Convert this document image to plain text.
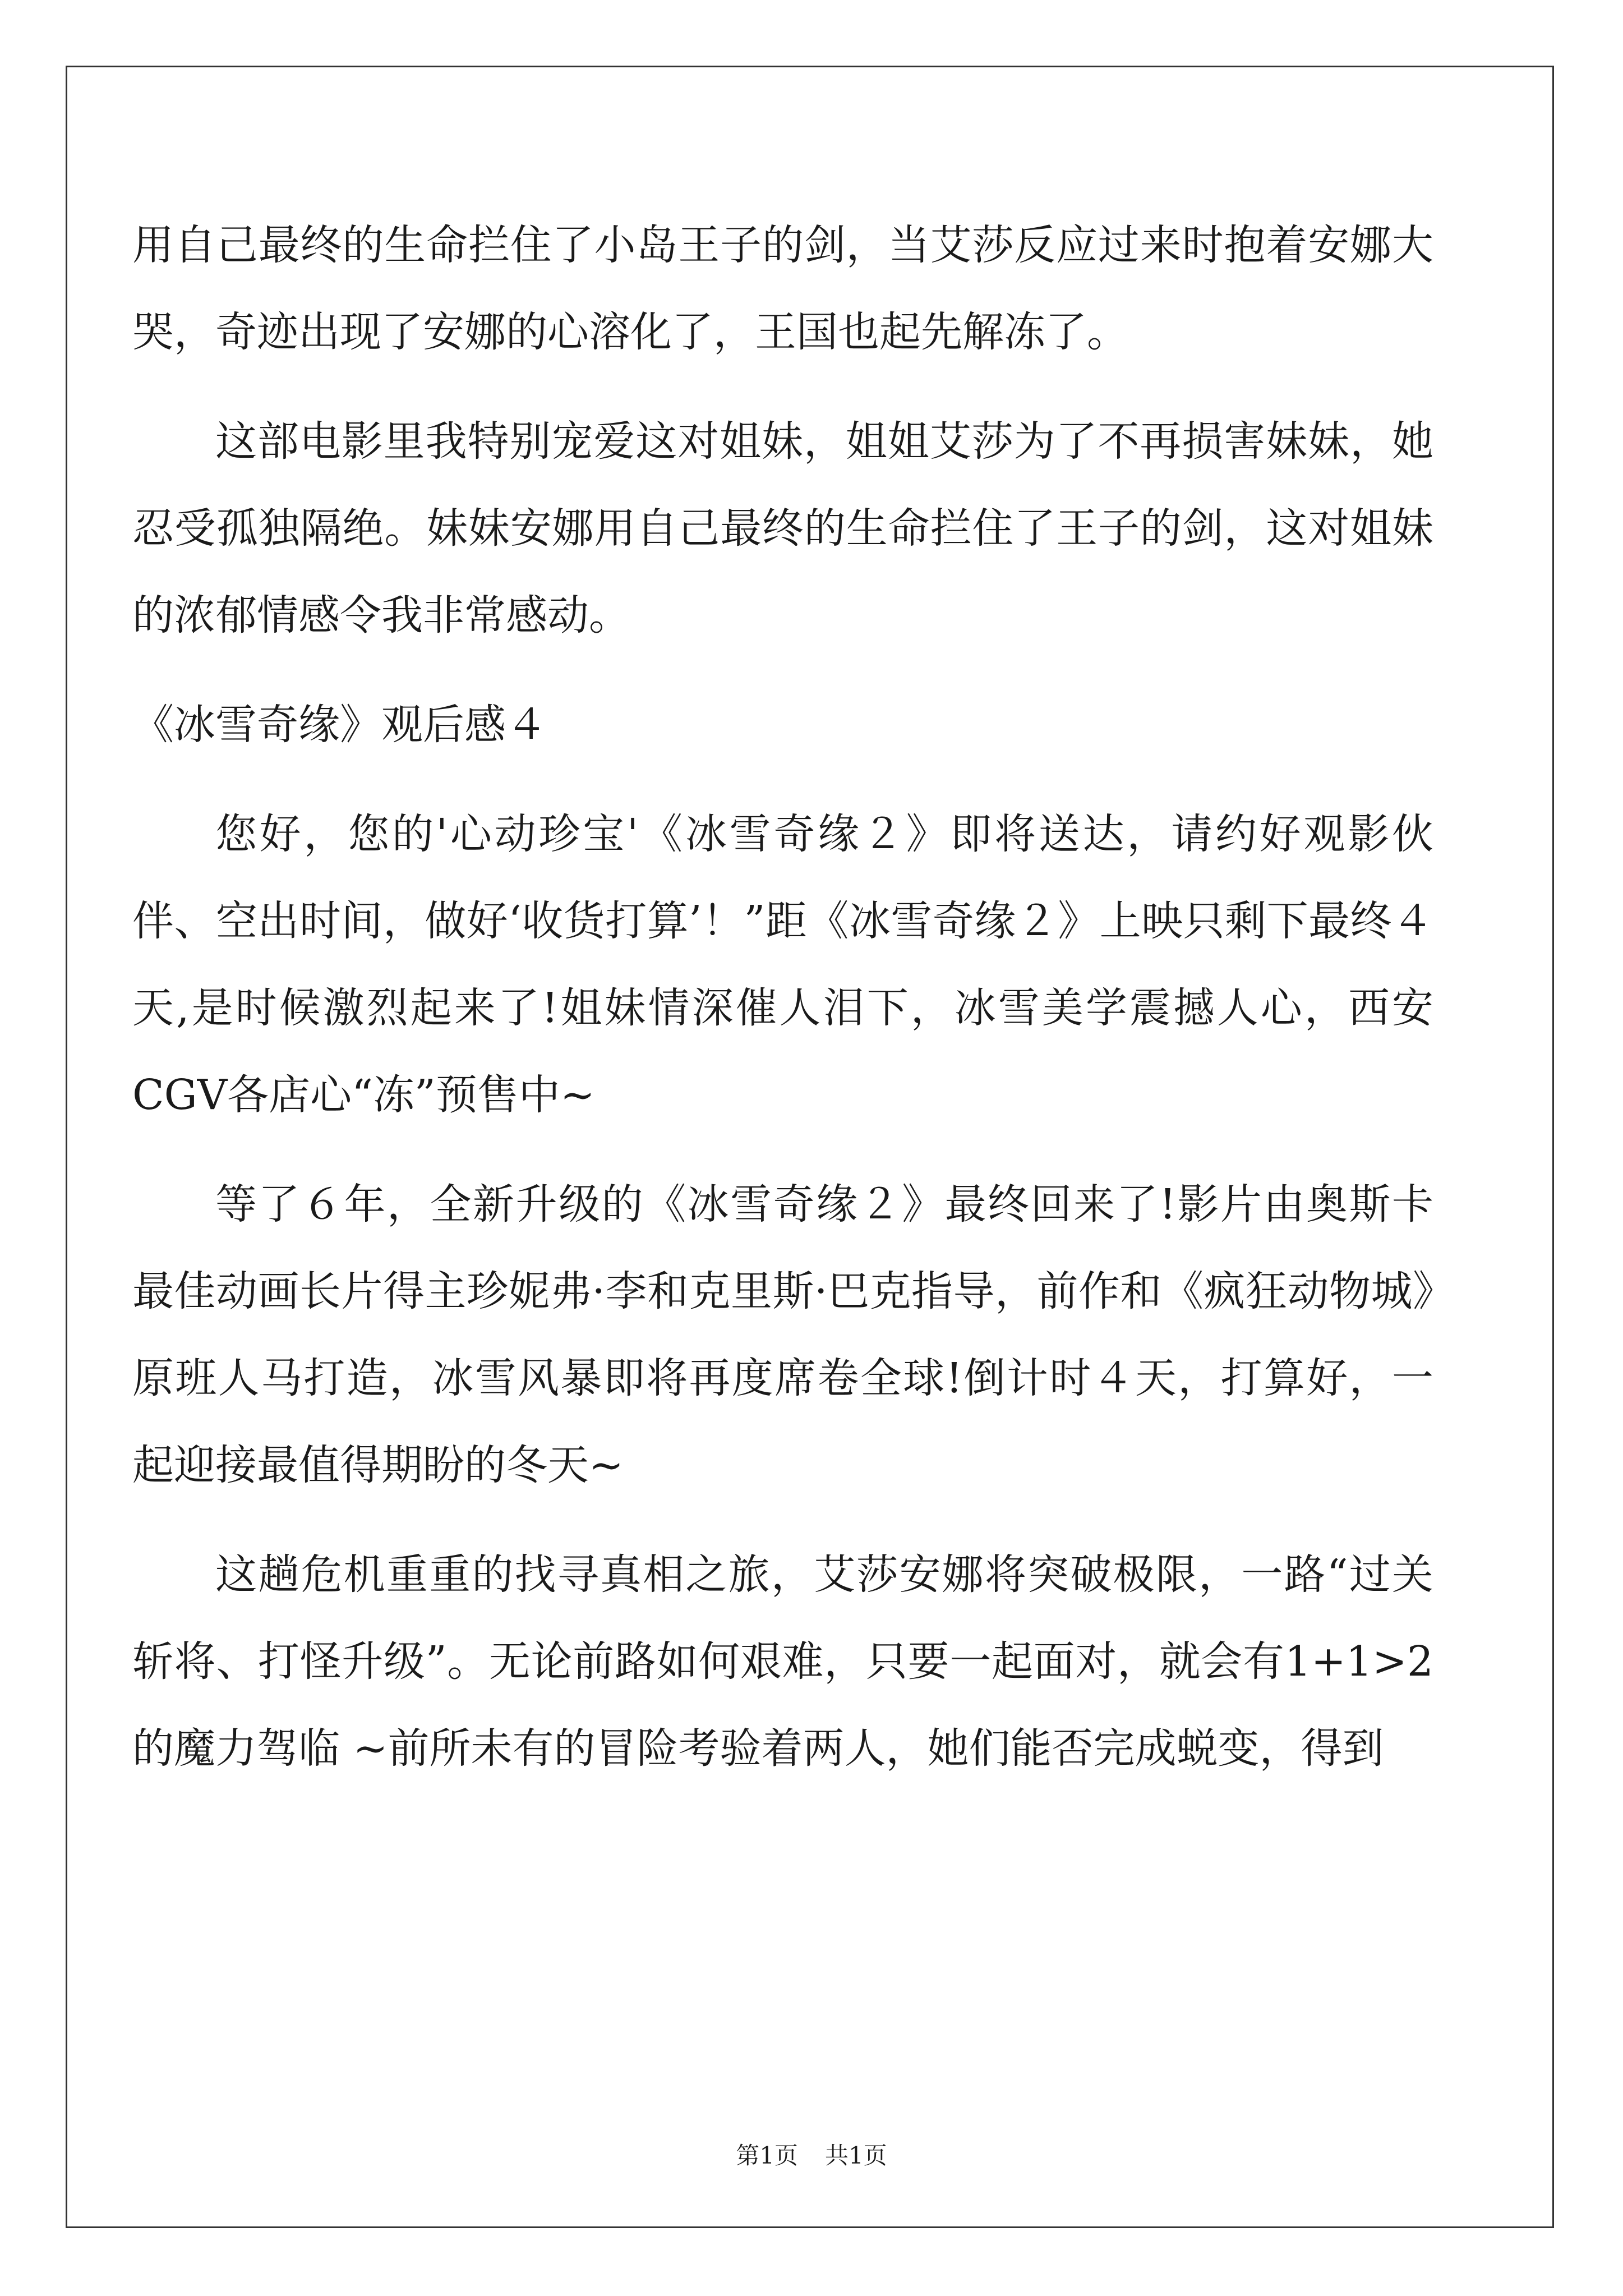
用自己最终的生命拦住了小岛王子的剑，当艾莎反应过来时抱着安娜大哭，奇迹出现了安娜的心溶化了，王国也起先解冻了。

这部电影里我特别宠爱这对姐妹，姐姐艾莎为了不再损害妹妹，她忍受孤独隔绝。妹妹安娜用自己最终的生命拦住了王子的剑，这对姐妹的浓郁情感令我非常感动。

《冰雪奇缘》观后感４

您好，您的'心动珍宝'《冰雪奇缘２》即将送达，请约好观影伙伴、空出时间，做好‘收货打算’！”距《冰雪奇缘２》上映只剩下最终４天,是时候激烈起来了!姐妹情深催人泪下，冰雪美学震撼人心，西安CGV各店心“冻”预售中~

等了６年，全新升级的《冰雪奇缘２》最终回来了!影片由奥斯卡最佳动画长片得主珍妮弗·李和克里斯·巴克指导，前作和《疯狂动物城》原班人马打造，冰雪风暴即将再度席卷全球!倒计时４天，打算好，一起迎接最值得期盼的冬天~

这趟危机重重的找寻真相之旅，艾莎安娜将突破极限，一路“过关斩将、打怪升级”。无论前路如何艰难，只要一起面对，就会有1+1>2的魔力驾临 ~前所未有的冒险考验着两人，她们能否完成蜕变，得到

第1页 共1页
